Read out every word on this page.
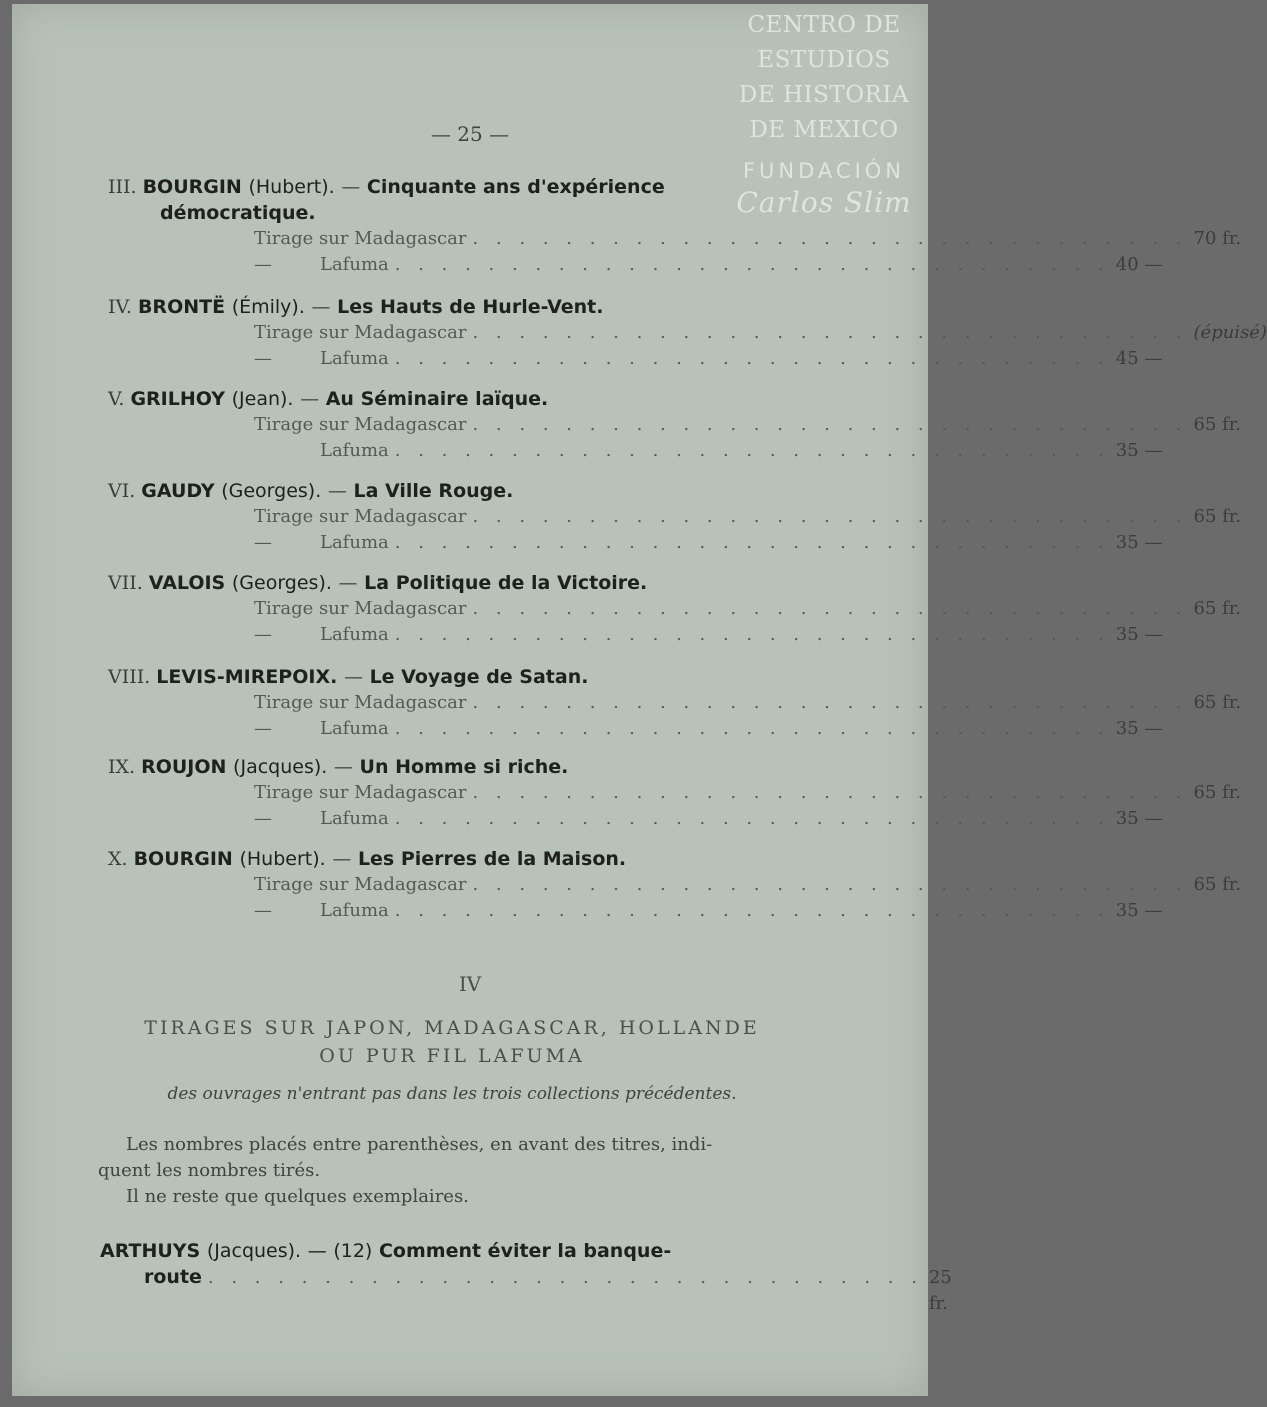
CENTRO DE
ESTUDIOS
DE HISTORIA
DE MEXICO
FUNDACIÓN
Carlos Slim
— 25 —
III. BOURGIN (Hubert). — Cinquante ans d'expérience
démocratique.
Tirage sur Madagascar . . . . . . . . . . . . . . . . . . . . . . . . . . . . . . . 70 fr.
—	Lafuma . . . . . . . . . . . . . . . . . . . . . . . . . . . . . . . 40 —
IV. BRONTË (Émily). — Les Hauts de Hurle-Vent.
Tirage sur Madagascar . . . . . . . . . . . . . . . . . . . . . . . . . . . . . . . (épuisé)
—	Lafuma . . . . . . . . . . . . . . . . . . . . . . . . . . . . . . . 45 —
V. GRILHOY (Jean). — Au Séminaire laïque.
Tirage sur Madagascar . . . . . . . . . . . . . . . . . . . . . . . . . . . . . . . 65 fr.
Lafuma . . . . . . . . . . . . . . . . . . . . . . . . . . . . . . . 35 —
VI. GAUDY (Georges). — La Ville Rouge.
Tirage sur Madagascar . . . . . . . . . . . . . . . . . . . . . . . . . . . . . . . 65 fr.
—	Lafuma . . . . . . . . . . . . . . . . . . . . . . . . . . . . . . . 35 —
VII. VALOIS (Georges). — La Politique de la Victoire.
Tirage sur Madagascar . . . . . . . . . . . . . . . . . . . . . . . . . . . . . . . 65 fr.
—	Lafuma . . . . . . . . . . . . . . . . . . . . . . . . . . . . . . . 35 —
VIII. LEVIS-MIREPOIX. — Le Voyage de Satan.
Tirage sur Madagascar . . . . . . . . . . . . . . . . . . . . . . . . . . . . . . . 65 fr.
—	Lafuma . . . . . . . . . . . . . . . . . . . . . . . . . . . . . . . 35 —
IX. ROUJON (Jacques). — Un Homme si riche.
Tirage sur Madagascar . . . . . . . . . . . . . . . . . . . . . . . . . . . . . . . 65 fr.
—	Lafuma . . . . . . . . . . . . . . . . . . . . . . . . . . . . . . . 35 —
X. BOURGIN (Hubert). — Les Pierres de la Maison.
Tirage sur Madagascar . . . . . . . . . . . . . . . . . . . . . . . . . . . . . . . 65 fr.
—	Lafuma . . . . . . . . . . . . . . . . . . . . . . . . . . . . . . . 35 —
IV
TIRAGES SUR JAPON, MADAGASCAR, HOLLANDE
OU PUR FIL LAFUMA
des ouvrages n'entrant pas dans les trois collections précédentes.

Les nombres placés entre parenthèses, en avant des titres, indi-

quent les nombres tirés.

Il ne reste que quelques exemplaires.

ARTHUYS (Jacques). — (12) Comment éviter la banque-
route . . . . . . . . . . . . . . . . . . . . . . . . . . . . . . . 25 fr.
